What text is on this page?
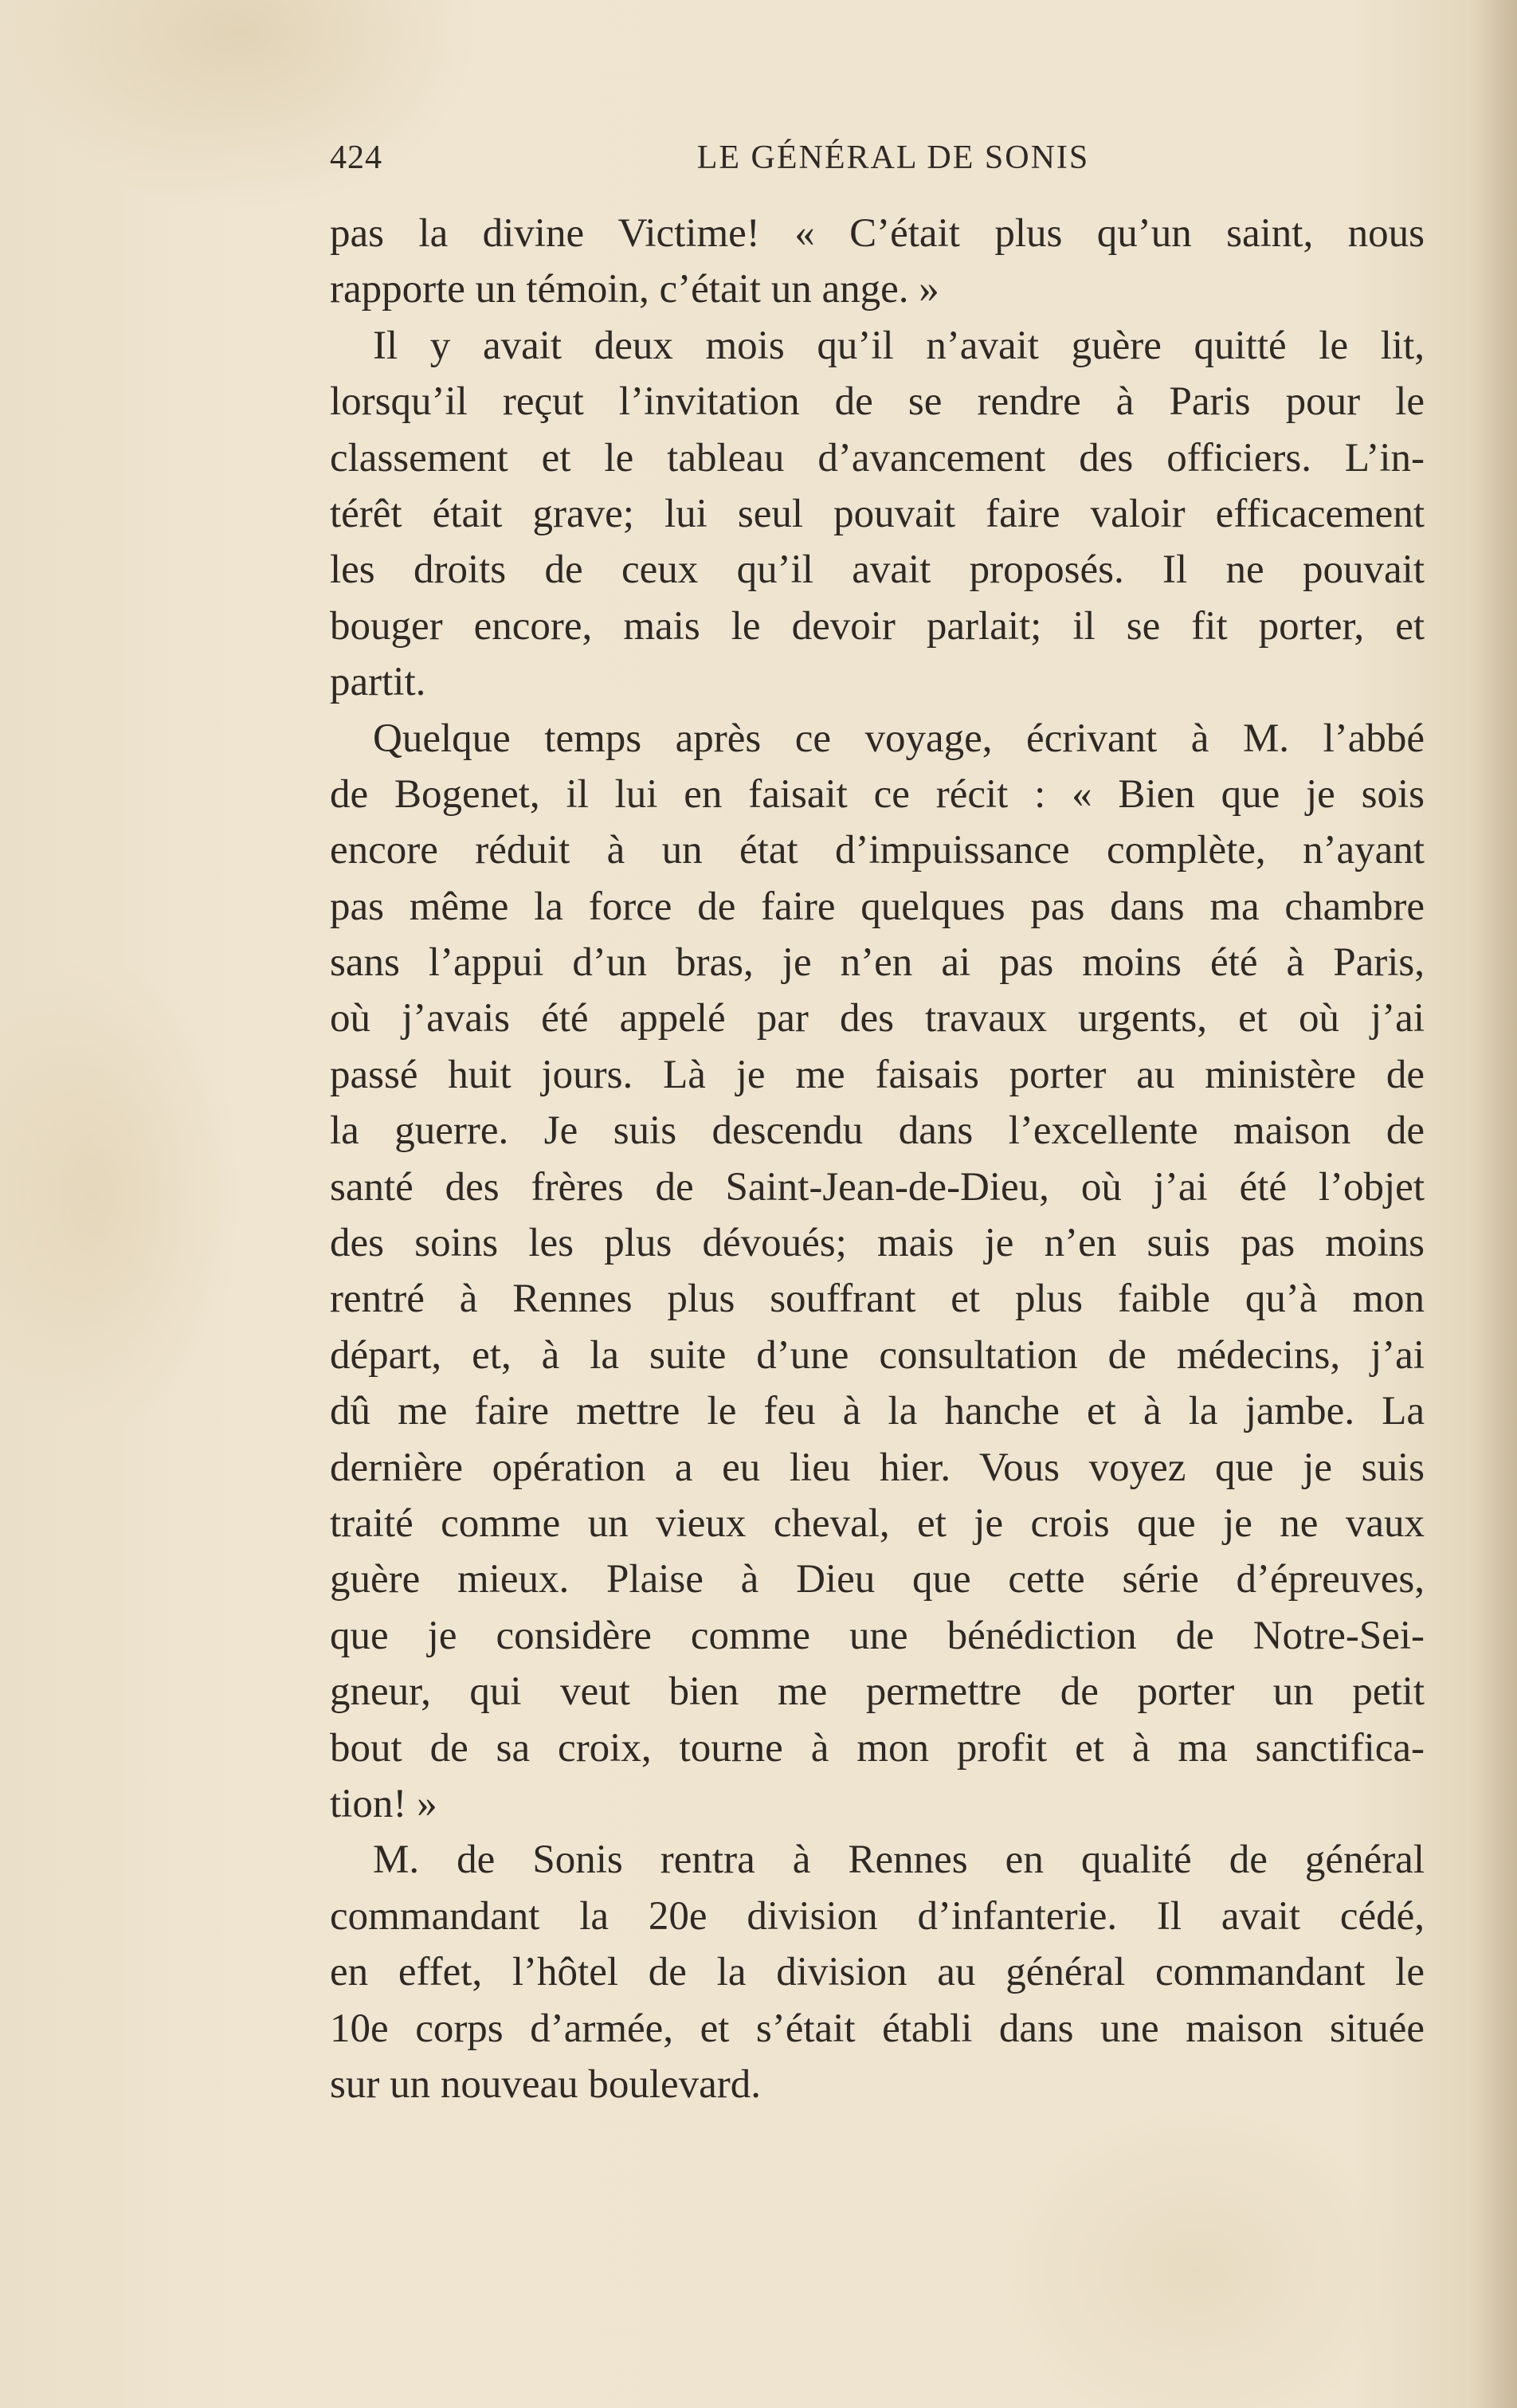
424	LE GÉNÉRAL DE SONIS
pas la divine Victime! « C’était plus qu’un saint, nous
rapporte un témoin, c’était un ange. »
Il y avait deux mois qu’il n’avait guère quitté le lit,
lorsqu’il reçut l’invitation de se rendre à Paris pour le
classement et le tableau d’avancement des officiers. L’in-
térêt était grave; lui seul pouvait faire valoir efficacement
les droits de ceux qu’il avait proposés. Il ne pouvait
bouger encore, mais le devoir parlait; il se fit porter, et
partit.
Quelque temps après ce voyage, écrivant à M. l’abbé
de Bogenet, il lui en faisait ce récit : « Bien que je sois
encore réduit à un état d’impuissance complète, n’ayant
pas même la force de faire quelques pas dans ma chambre
sans l’appui d’un bras, je n’en ai pas moins été à Paris,
où j’avais été appelé par des travaux urgents, et où j’ai
passé huit jours. Là je me faisais porter au ministère de
la guerre. Je suis descendu dans l’excellente maison de
santé des frères de Saint-Jean-de-Dieu, où j’ai été l’objet
des soins les plus dévoués; mais je n’en suis pas moins
rentré à Rennes plus souffrant et plus faible qu’à mon
départ, et, à la suite d’une consultation de médecins, j’ai
dû me faire mettre le feu à la hanche et à la jambe. La
dernière opération a eu lieu hier. Vous voyez que je suis
traité comme un vieux cheval, et je crois que je ne vaux
guère mieux. Plaise à Dieu que cette série d’épreuves,
que je considère comme une bénédiction de Notre-Sei-
gneur, qui veut bien me permettre de porter un petit
bout de sa croix, tourne à mon profit et à ma sanctifica-
tion! »
M. de Sonis rentra à Rennes en qualité de général
commandant la 20e division d’infanterie. Il avait cédé,
en effet, l’hôtel de la division au général commandant le
10e corps d’armée, et s’était établi dans une maison située
sur un nouveau boulevard.
